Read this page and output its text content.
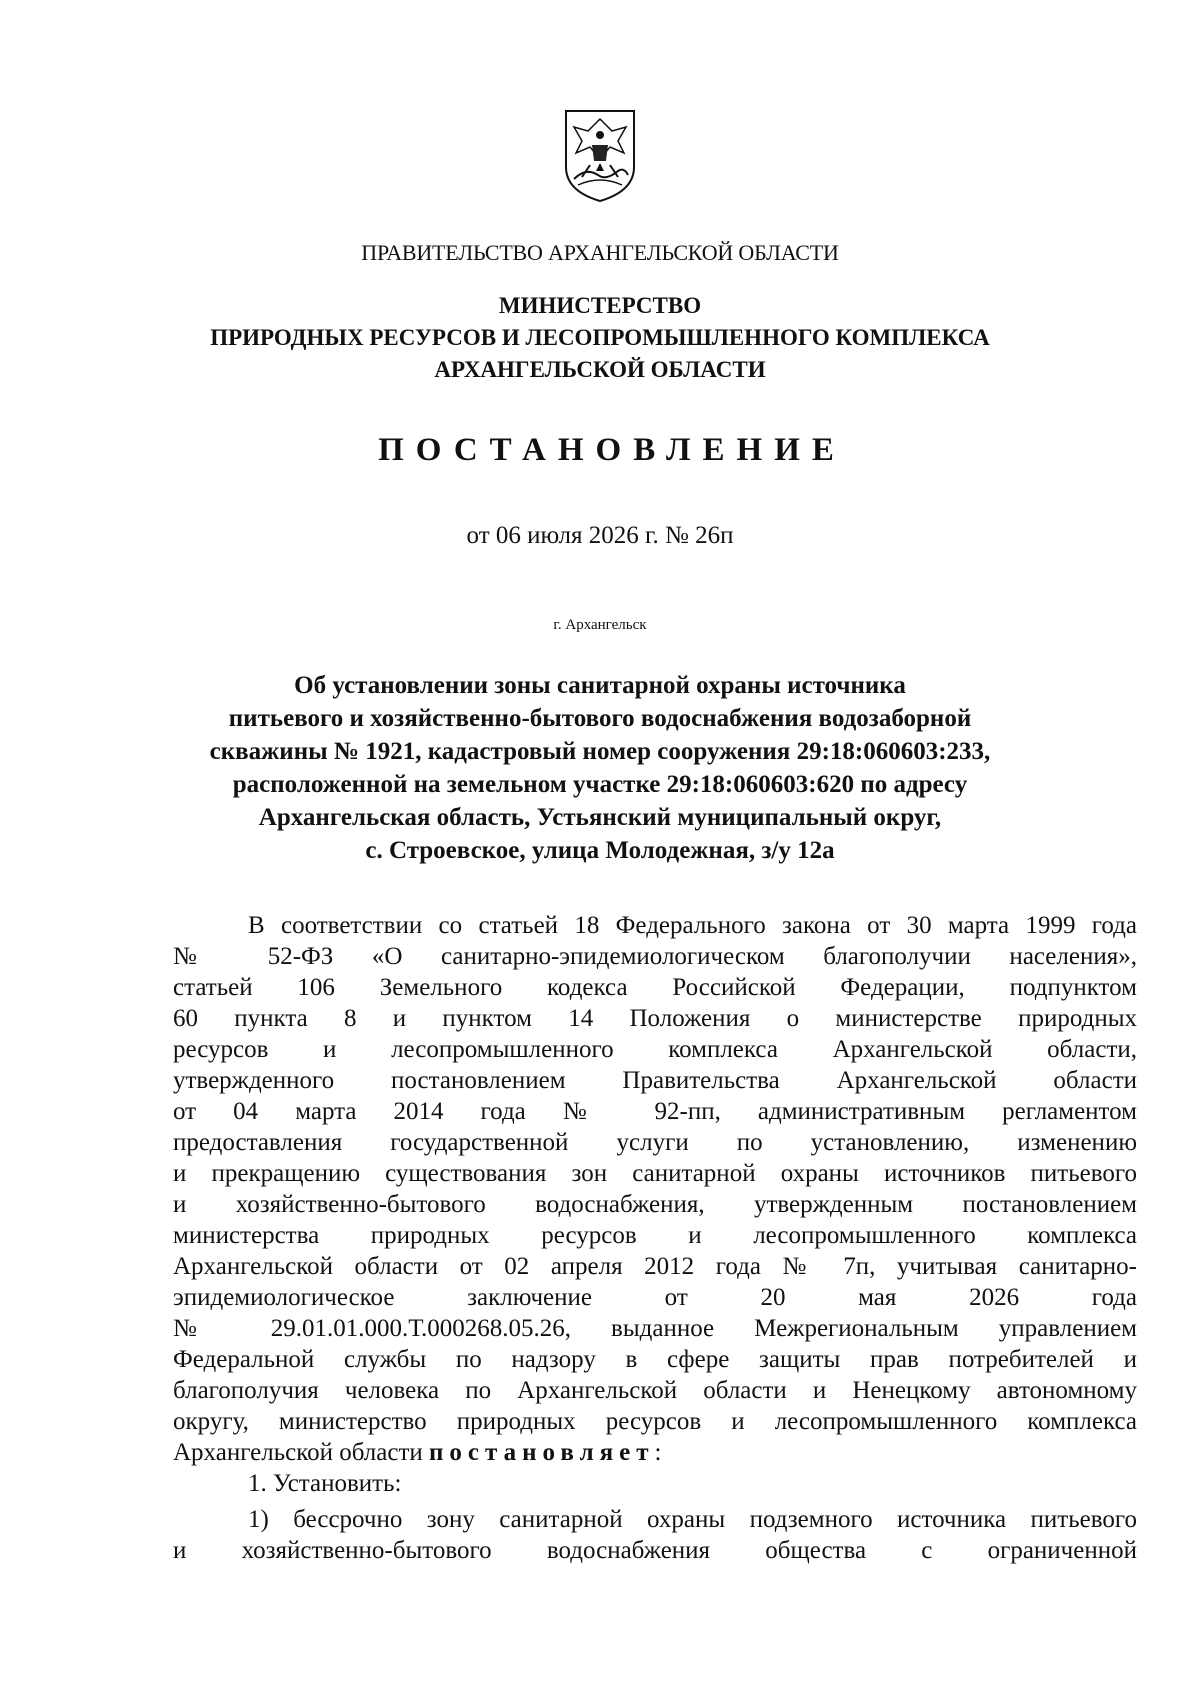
ПРАВИТЕЛЬСТВО АРХАНГЕЛЬСКОЙ ОБЛАСТИ
МИНИСТЕРСТВО
ПРИРОДНЫХ РЕСУРСОВ И ЛЕСОПРОМЫШЛЕННОГО КОМПЛЕКСА
АРХАНГЕЛЬСКОЙ ОБЛАСТИ
ПОСТАНОВЛЕНИЕ
от 06 июля 2026 г. № 26п
г. Архангельск
Об установлении зоны санитарной охраны источника
питьевого и хозяйственно-бытового водоснабжения водозаборной
скважины № 1921, кадастровый номер сооружения 29:18:060603:233,
расположенной на земельном участке 29:18:060603:620 по адресу
Архангельская область, Устьянский муниципальный округ,
с. Строевское, улица Молодежная, з/у 12а
В соответствии со статьей 18 Федерального закона от 30 марта 1999 года
№ 52-ФЗ «О санитарно-эпидемиологическом благополучии населения»,
статьей 106 Земельного кодекса Российской Федерации, подпунктом
60 пункта 8 и пунктом 14 Положения о министерстве природных
ресурсов и лесопромышленного комплекса Архангельской области,
утвержденного постановлением Правительства Архангельской области
от 04 марта 2014 года № 92-пп, административным регламентом
предоставления государственной услуги по установлению, изменению
и прекращению существования зон санитарной охраны источников питьевого
и хозяйственно-бытового водоснабжения, утвержденным постановлением
министерства природных ресурсов и лесопромышленного комплекса
Архангельской области от 02 апреля 2012 года № 7п, учитывая санитарно-
эпидемиологическое заключение от 20 мая 2026 года
№ 29.01.01.000.Т.000268.05.26, выданное Межрегиональным управлением
Федеральной службы по надзору в сфере защиты прав потребителей и
благополучия человека по Архангельской области и Ненецкому автономному
округу, министерство природных ресурсов и лесопромышленного комплекса
Архангельской области постановляет:
1. Установить:
1) бессрочно зону санитарной охраны подземного источника питьевого
и хозяйственно-бытового водоснабжения общества с ограниченной
